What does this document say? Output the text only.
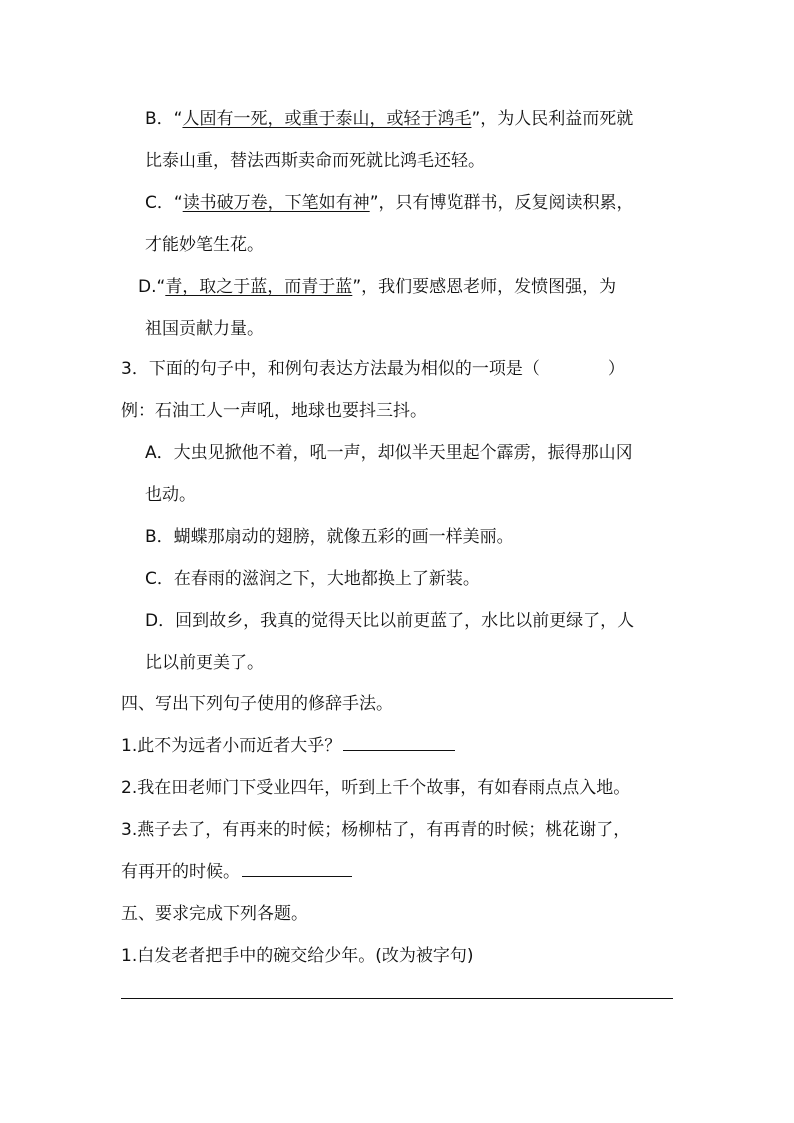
B．“人固有一死，或重于泰山，或轻于鸿毛”，为人民利益而死就
比泰山重，替法西斯卖命而死就比鸿毛还轻。
C．“读书破万卷，下笔如有神”，只有博览群书，反复阅读积累，
才能妙笔生花。
D.“青，取之于蓝，而青于蓝”，我们要感恩老师，发愤图强，为
祖国贡献力量。
3．下面的句子中，和例句表达方法最为相似的一项是（　　　　）
例：石油工人一声吼，地球也要抖三抖。
A．大虫见掀他不着，吼一声，却似半天里起个霹雳，振得那山冈
也动。
B．蝴蝶那扇动的翅膀，就像五彩的画一样美丽。
C．在春雨的滋润之下，大地都换上了新装。
D．回到故乡，我真的觉得天比以前更蓝了，水比以前更绿了，人
比以前更美了。
四、写出下列句子使用的修辞手法。
1.此不为远者小而近者大乎？
2.我在田老师门下受业四年，听到上千个故事，有如春雨点点入地。
3.燕子去了，有再来的时候；杨柳枯了，有再青的时候；桃花谢了，
有再开的时候。
五、要求完成下列各题。
1.白发老者把手中的碗交给少年。(改为被字句)
